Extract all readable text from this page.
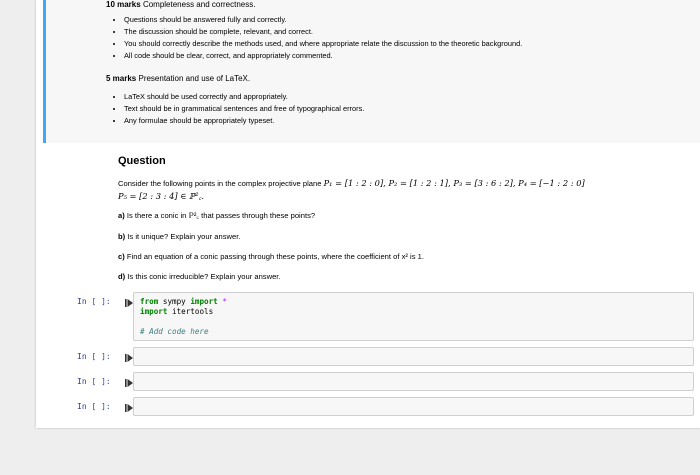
10 marks Completeness and correctness.
• Questions should be answered fully and correctly.
• The discussion should be complete, relevant, and correct.
• You should correctly describe the methods used, and where appropriate relate the discussion to the theoretic background.
• All code should be clear, correct, and appropriately commented.
5 marks Presentation and use of LaTeX.
• LaTeX should be used correctly and appropriately.
• Text should be in grammatical sentences and free of typographical errors.
• Any formulae should be appropriately typeset.
Question
Consider the following points in the complex projective plane P₁ = [1 : 2 : 0], P₂ = [1 : 2 : 1], P₃ = [3 : 6 : 2], P₄ = [−1 : 2 : 0]
P₅ = [2 : 3 : 4] ∈ ℙ²꜀.
a) Is there a conic in ℙ²꜀ that passes through these points?
b) Is it unique? Explain your answer.
c) Find an equation of a conic passing through these points, where the coefficient of x² is 1.
d) Is this conic irreducible? Explain your answer.
In [ ]:	from sympy import *
import itertools

# Add code here
In [ ]:
In [ ]:
In [ ]:
